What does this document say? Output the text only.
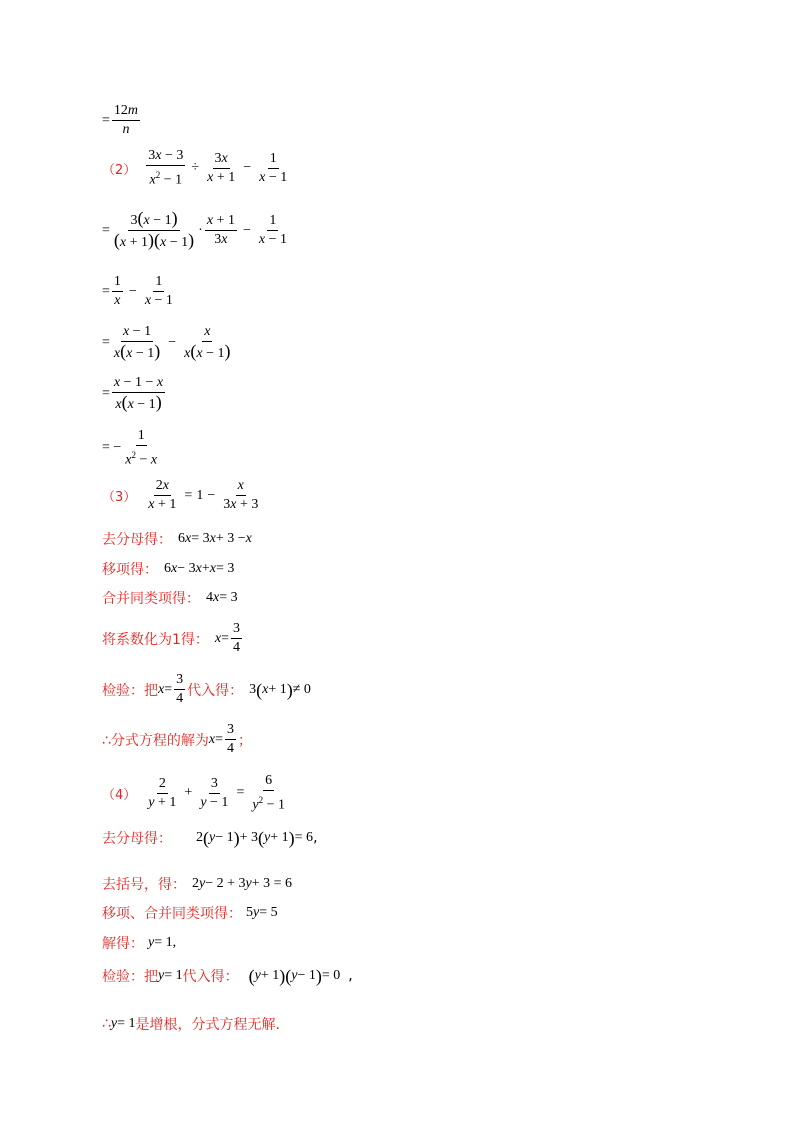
= $\frac{12m}{n}$
$(2) \frac{3x - 3}{x^2 - 1} \div \frac{3x}{x + 1} - \frac{1}{x - 1}$
= $\frac{3(x - 1)}{(x + 1)(x - 1)} \cdot \frac{x + 1}{3x} - \frac{1}{x - 1}$
= $\frac{1}{x} - \frac{1}{x - 1}$
= $\frac{x - 1}{x(x - 1)} - \frac{x}{x(x - 1)}$
= $\frac{x - 1 - x}{x(x - 1)}$
= − $\frac{1}{x^2 - x}$
$(3) \frac{2x}{x + 1} = 1 - \frac{x}{3x + 3}$
去分母得： 6 x = 3 x + 3 − x
移项得： 6 x − 3 x + x = 3
合并同类项得： 4 x = 3
将系数化为1得： $x = \frac{3}{4}$
检验：把 $x = \frac{3}{4}$ 代入得： 3 ( x + 1 ) ≠ 0
∴分式方程的解为 $x = \frac{3}{4}$ ；
$(4) \frac{2}{y + 1} + \frac{3}{y - 1} = \frac{6}{y^2 - 1}$
去分母得： 2 ( y − 1 ) + 3 ( y + 1 ) = 6 ,
去括号，得： 2 y − 2 + 3 y + 3 = 6
移项、合并同类项得： 5 y = 5
解得： y = 1,
检验：把 y = 1 代入得： ( y + 1 ) ( y − 1 ) = 0 ,
∴ y = 1 是增根，分式方程无解.
